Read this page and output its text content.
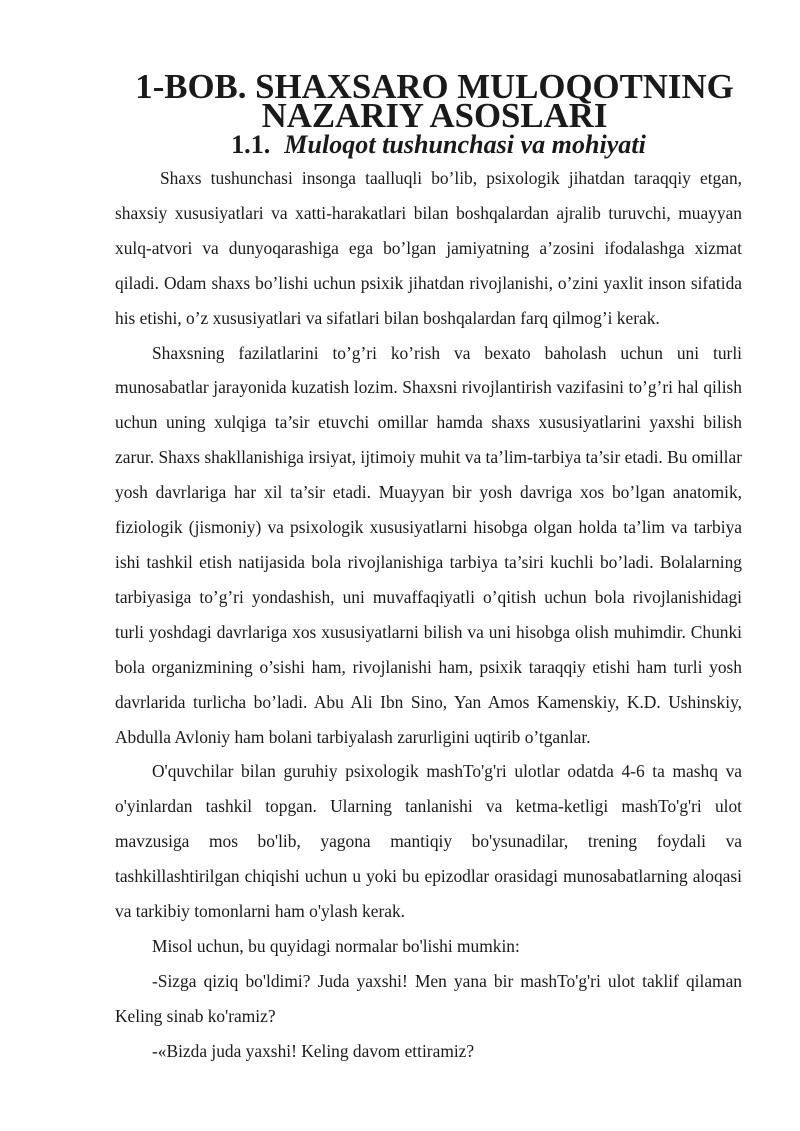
1-BOB. SHAXSARO MULOQOTNING NAZARIY ASOSLARI
1.1. Muloqot tushunchasi va mohiyati

Shaxs tushunchasi insonga taalluqli bo’lib, psixologik jihatdan taraqqiy etgan, shaxsiy xususiyatlari va xatti-harakatlari bilan boshqalardan ajralib turuvchi, muayyan xulq-atvori va dunyoqarashiga ega bo’lgan jamiyatning a’zosini ifodalashga xizmat qiladi. Odam shaxs bo’lishi uchun psixik jihatdan rivojlanishi, o’zini yaxlit inson sifatida his etishi, o’z xususiyatlari va sifatlari bilan boshqalardan farq qilmog’i kerak.

Shaxsning fazilatlarini to’g’ri ko’rish va bexato baholash uchun uni turli munosabatlar jarayonida kuzatish lozim. Shaxsni rivojlantirish vazifasini to’g’ri hal qilish uchun uning xulqiga ta’sir etuvchi omillar hamda shaxs xususiyatlarini yaxshi bilish zarur. Shaxs shakllanishiga irsiyat, ijtimoiy muhit va ta’lim-tarbiya ta’sir etadi. Bu omillar yosh davrlariga har xil ta’sir etadi. Muayyan bir yosh davriga xos bo’lgan anatomik, fiziologik (jismoniy) va psixologik xususiyatlarni hisobga olgan holda ta’lim va tarbiya ishi tashkil etish natijasida bola rivojlanishiga tarbiya ta’siri kuchli bo’ladi. Bolalarning tarbiyasiga to’g’ri yondashish, uni muvaffaqiyatli o’qitish uchun bola rivojlanishidagi turli yoshdagi davrlariga xos xususiyatlarni bilish va uni hisobga olish muhimdir. Chunki bola organizmining o’sishi ham, rivojlanishi ham, psixik taraqqiy etishi ham turli yosh davrlarida turlicha bo’ladi. Abu Ali Ibn Sino, Yan Amos Kamenskiy, K.D. Ushinskiy, Abdulla Avloniy ham bolani tarbiyalash zarurligini uqtirib o’tganlar.

O'quvchilar bilan guruhiy psixologik mashTo'g'ri ulotlar odatda 4-6 ta mashq va o'yinlardan tashkil topgan. Ularning tanlanishi va ketma-ketligi mashTo'g'ri ulot mavzusiga mos bo'lib, yagona mantiqiy bo'ysunadilar, trening foydali va tashkillashtirilgan chiqishi uchun u yoki bu epizodlar orasidagi munosabatlarning aloqasi va tarkibiy tomonlarni ham o'ylash kerak.

Misol uchun, bu quyidagi normalar bo'lishi mumkin:

-Sizga qiziq bo'ldimi? Juda yaxshi! Men yana bir mashTo'g'ri ulot taklif qilaman Keling sinab ko'ramiz?

-«Bizda juda yaxshi! Keling davom ettiramiz?
